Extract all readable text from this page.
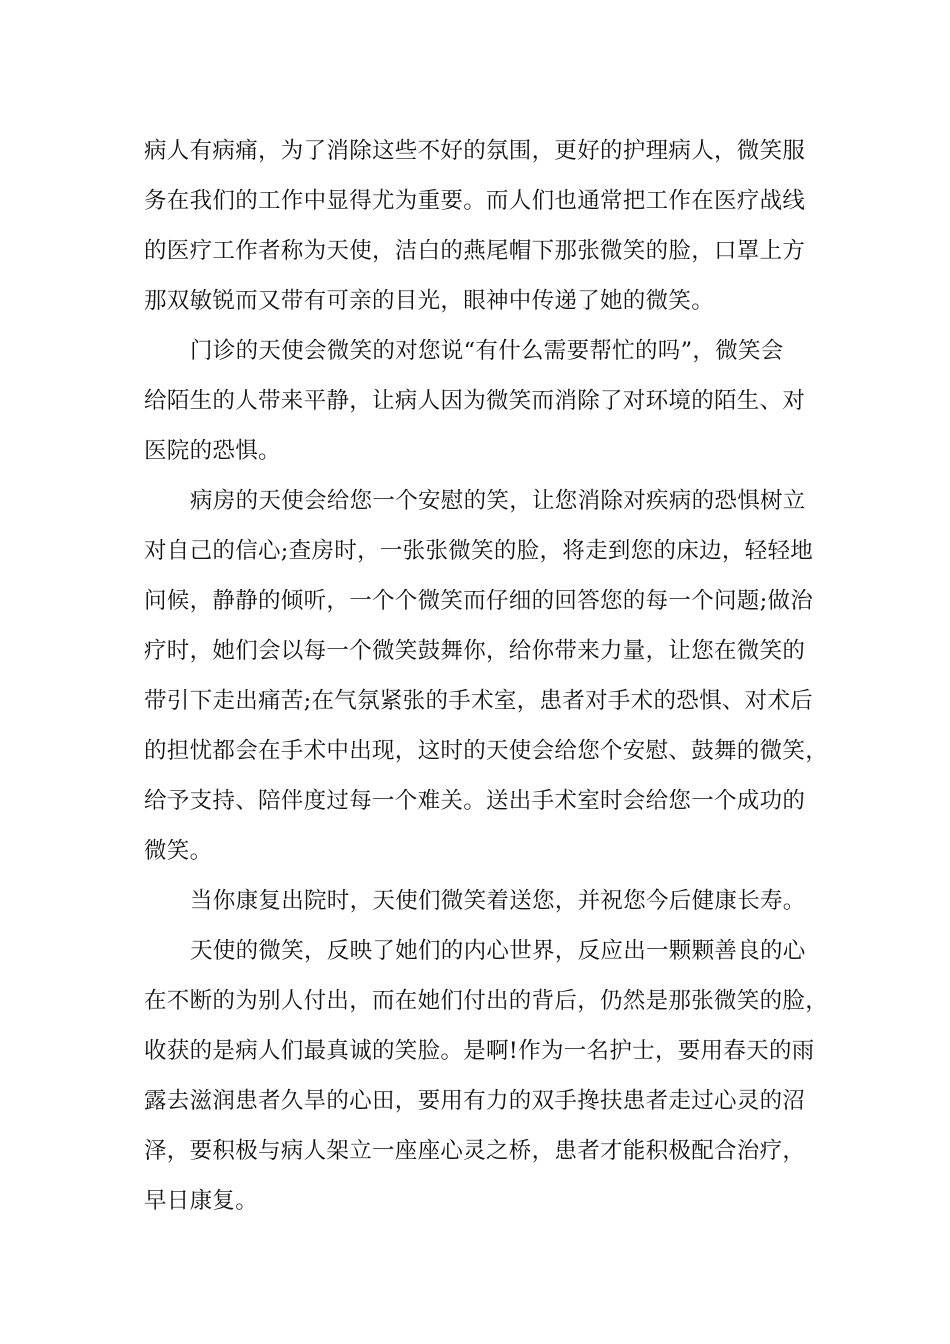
病人有病痛，为了消除这些不好的氛围，更好的护理病人，微笑服
务在我们的工作中显得尤为重要。而人们也通常把工作在医疗战线
的医疗工作者称为天使，洁白的燕尾帽下那张微笑的脸，口罩上方
那双敏锐而又带有可亲的目光，眼神中传递了她的微笑。
门诊的天使会微笑的对您说“有什么需要帮忙的吗”，微笑会
给陌生的人带来平静，让病人因为微笑而消除了对环境的陌生、对
医院的恐惧。
病房的天使会给您一个安慰的笑，让您消除对疾病的恐惧树立
对自己的信心;查房时，一张张微笑的脸，将走到您的床边，轻轻地
问候，静静的倾听，一个个微笑而仔细的回答您的每一个问题;做治
疗时，她们会以每一个微笑鼓舞你，给你带来力量，让您在微笑的
带引下走出痛苦;在气氛紧张的手术室，患者对手术的恐惧、对术后
的担忧都会在手术中出现，这时的天使会给您个安慰、鼓舞的微笑，
给予支持、陪伴度过每一个难关。送出手术室时会给您一个成功的
微笑。
当你康复出院时，天使们微笑着送您，并祝您今后健康长寿。
天使的微笑，反映了她们的内心世界，反应出一颗颗善良的心
在不断的为别人付出，而在她们付出的背后，仍然是那张微笑的脸，
收获的是病人们最真诚的笑脸。是啊!作为一名护士，要用春天的雨
露去滋润患者久旱的心田，要用有力的双手搀扶患者走过心灵的沼
泽，要积极与病人架立一座座心灵之桥，患者才能积极配合治疗，
早日康复。
